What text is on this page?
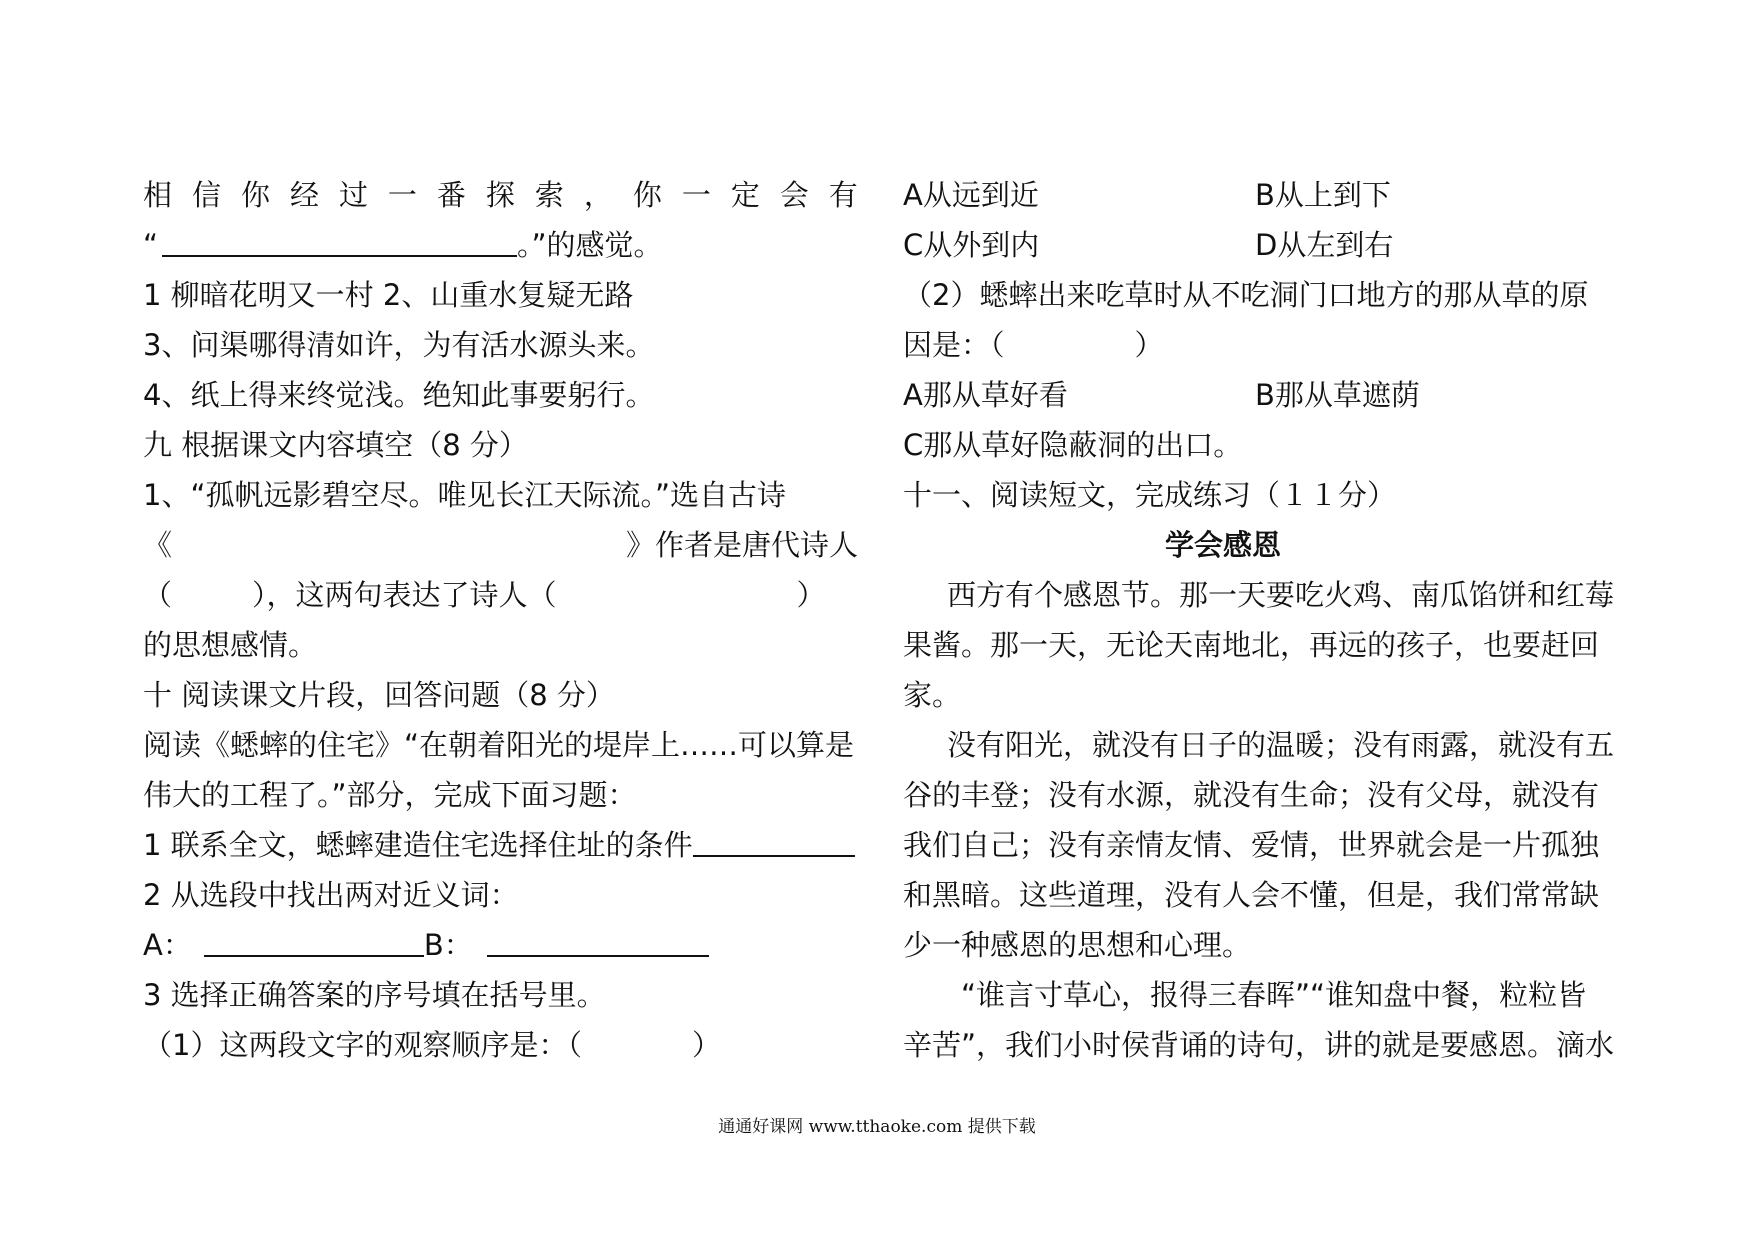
相 信 你 经 过 一 番 探 索 ， 你 一 定 会 有
“	。”的感觉。
1 柳暗花明又一村 2、山重水复疑无路
3、问渠哪得清如许，为有活水源头来。
4、纸上得来终觉浅。绝知此事要躬行。
九 根据课文内容填空（8 分）
1、“孤帆远影碧空尽。唯见长江天际流。”选自古诗
《	》作者是唐代诗人
（	），这两句表达了诗人（	）
的思想感情。
十 阅读课文片段，回答问题（8 分）
阅读《蟋蟀的住宅》“在朝着阳光的堤岸上……可以算是
伟大的工程了。”部分，完成下面习题：
1 联系全文，蟋蟀建造住宅选择住址的条件
2 从选段中找出两对近义词：
A：	B：
3 选择正确答案的序号填在括号里。
（1）这两段文字的观察顺序是：（	）
A从远到近	B从上到下
C从外到内	D从左到右
（2）蟋蟀出来吃草时从不吃洞门口地方的那从草的原
因是：（	）
A那从草好看	B那从草遮荫
C那从草好隐蔽洞的出口。
十一、阅读短文，完成练习（１１分）
学会感恩
西方有个感恩节。那一天要吃火鸡、南瓜馅饼和红莓
果酱。那一天，无论天南地北，再远的孩子，也要赶回
家。
没有阳光，就没有日子的温暖；没有雨露，就没有五
谷的丰登；没有水源，就没有生命；没有父母，就没有
我们自己；没有亲情友情、爱情，世界就会是一片孤独
和黑暗。这些道理，没有人会不懂，但是，我们常常缺
少一种感恩的思想和心理。
“谁言寸草心，报得三春晖”“谁知盘中餐，粒粒皆
辛苦”，我们小时侯背诵的诗句，讲的就是要感恩。滴水
通通好课网 www.tthaoke.com 提供下载
